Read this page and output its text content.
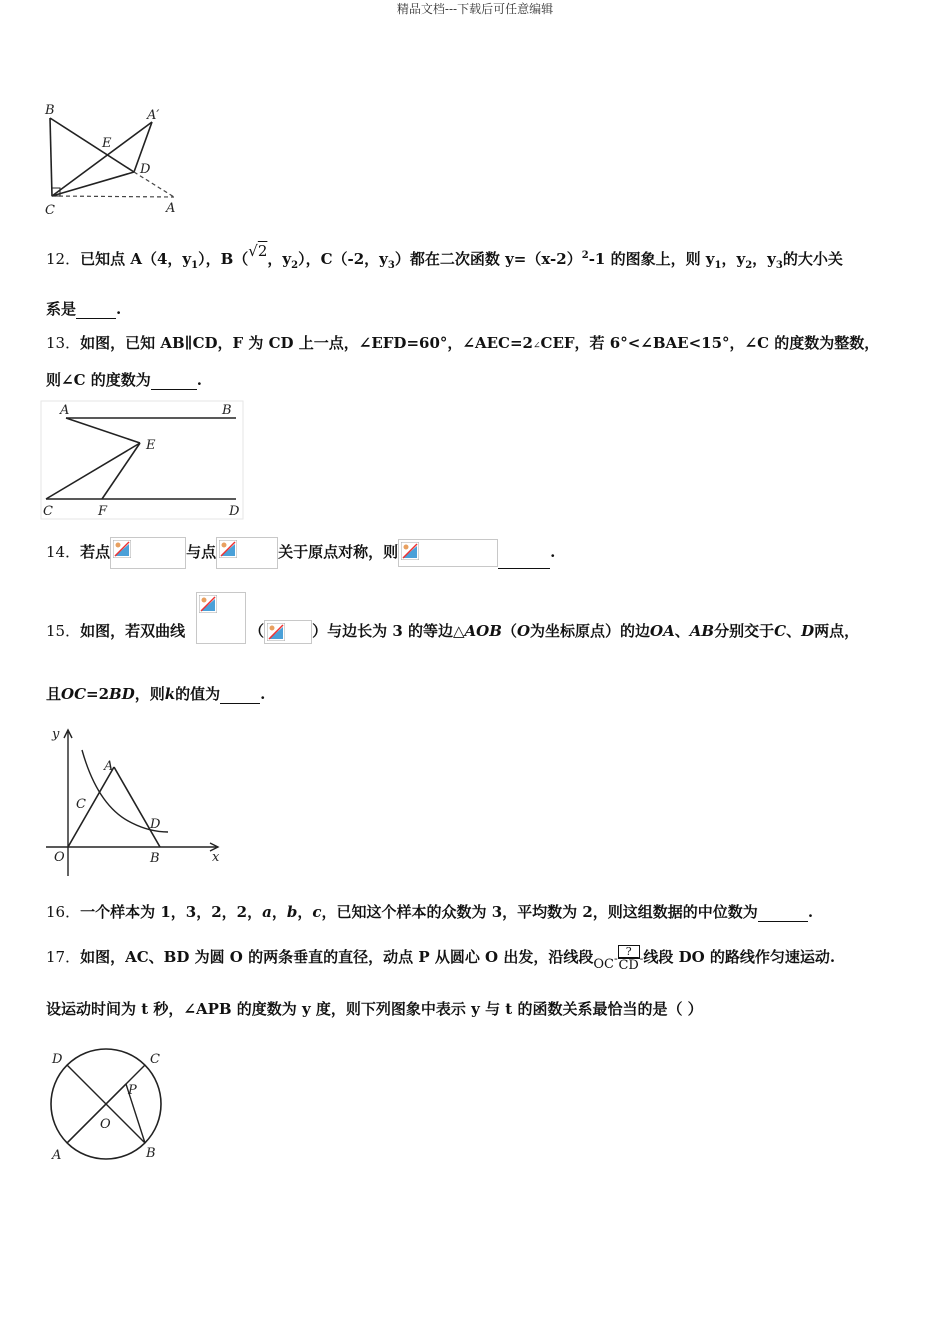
精品文档---下载后可任意编辑
B	A′
E
D
C	A
12．已知点 A（4，$y_1$），B（√2，$y_2$），C（-2，$y_3$）都在二次函数 $y=(x-2)^2-1$ 的图象上，则 $y_1$，$y_2$，$y_3$的大小关
系是	.
13．如图，已知 AB∥CD，F 为 CD 上一点，∠EFD=60°，∠AEC=2∠CEF，若 6°<∠BAE<15°，∠C 的度数为整数，
则∠C 的度数为	.
A	B
E
C	F	D
14．若点	与点	关于原点对称，则	.
15．如图，若双曲线	（	）与边长为 3 的等边△AOB（O为坐标原点）的边OA、AB分别交于C、D两点，
且OC=2BD，则k的值为	.
y
x
A
C
D
O	B
16．一个样本为 1，3，2，2，a，b，c，已知这个样本的众数为 3，平均数为 2，则这组数据的中位数为	.
17．如图，AC、BD 为圆 O 的两条垂直的直径，动点 P 从圆心 O 出发，沿线段

$OC-\frac{?}{CD}$ -线段 DO 的路线作匀速运动.
设运动时间为 t 秒，∠APB 的度数为 y 度，则下列图象中表示 y 与 t 的函数关系最恰当的是（ ）
D	C
P
O
A	B
